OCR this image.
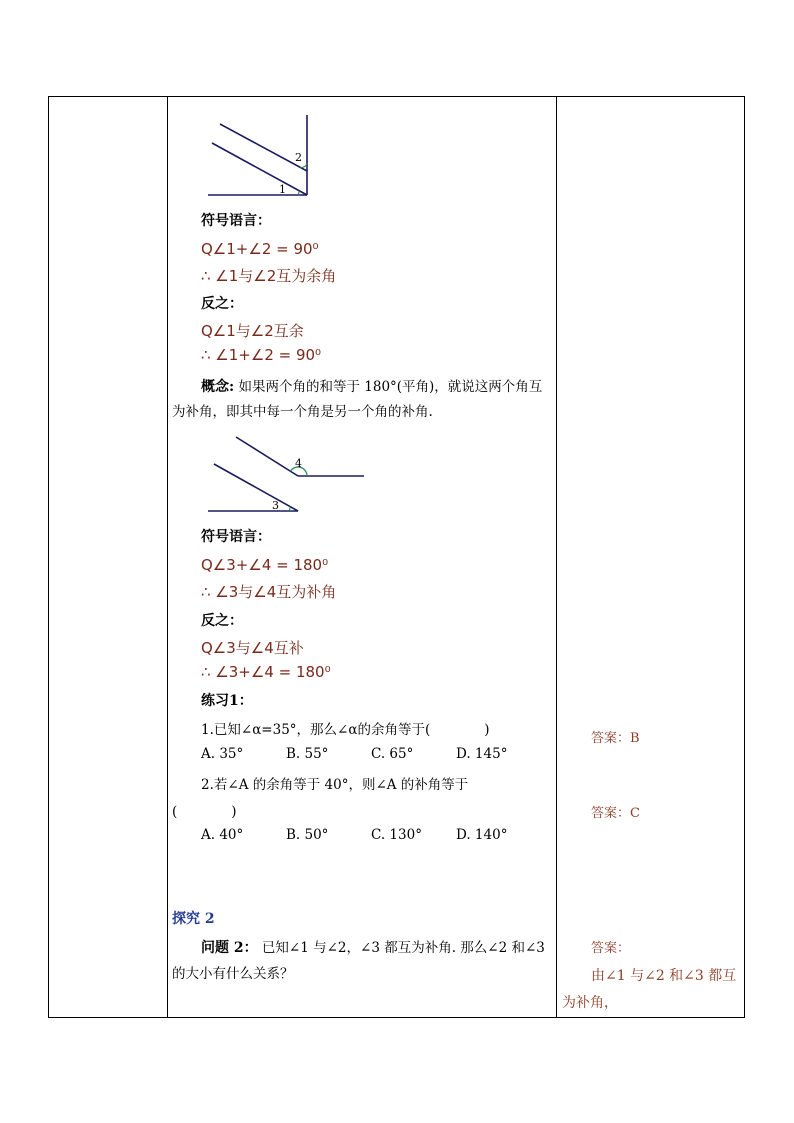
1
2
符号语言：
Q∠1+∠2 = 90⁰
∴ ∠1与∠2互为余角
反之：
Q∠1与∠2互余
∴ ∠1+∠2 = 90⁰
概念: 如果两个角的和等于 180°(平角)，就说这两个角互
为补角，即其中每一个角是另一个角的补角.
3
4
符号语言：
Q∠3+∠4 = 180⁰
∴ ∠3与∠4互为补角
反之：
Q∠3与∠4互补
∴ ∠3+∠4 = 180⁰
练习1：
1.已知∠α=35°，那么∠α的余角等于(　　　　)
A. 35°	B. 55°	C. 65°	D. 145°
2.若∠A 的余角等于 40°，则∠A 的补角等于
(　　　　)
A. 40°	B. 50°	C. 130°	D. 140°
探究 2
问题 2： 已知∠1 与∠2，∠3 都互为补角. 那么∠2 和∠3
的大小有什么关系？
答案：B
答案：C
答案：
由∠1 与∠2 和∠3 都互
为补角，
